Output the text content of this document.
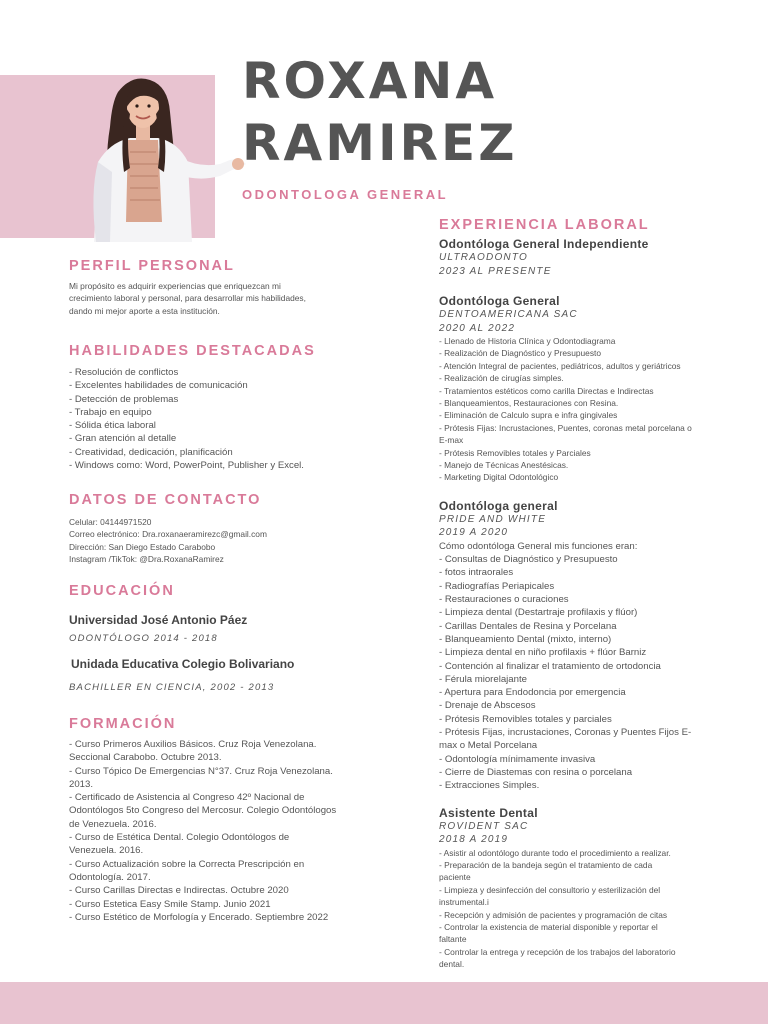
ROXANA
RAMIREZ
ODONTOLOGA GENERAL
PERFIL PERSONAL
Mi propósito es adquirir experiencias que enriquezcan mi
crecimiento laboral y personal, para desarrollar mis habilidades,
dando mi mejor aporte a esta institución.
HABILIDADES DESTACADAS
- Resolución de conflictos
- Excelentes habilidades de comunicación
- Detección de problemas
- Trabajo en equipo
- Sólida ética laboral
- Gran atención al detalle
- Creatividad, dedicación, planificación
- Windows como: Word, PowerPoint, Publisher y Excel.
DATOS DE CONTACTO
Celular: 04144971520
Correo electrónico: Dra.roxanaeramirezc@gmail.com
Dirección: San Diego Estado Carabobo
Instagram /TikTok: @Dra.RoxanaRamirez
EDUCACIÓN
Universidad José Antonio Páez
ODONTÓLOGO 2014 - 2018
Unidada Educativa Colegio Bolivariano
BACHILLER EN CIENCIA, 2002 - 2013
FORMACIÓN
- Curso Primeros Auxilios Básicos. Cruz Roja Venezolana.
Seccional Carabobo. Octubre 2013.
- Curso Tópico De Emergencias N°37. Cruz Roja Venezolana.
2013.
- Certificado de Asistencia al Congreso 42º Nacional de
Odontólogos 5to Congreso del Mercosur. Colegio Odontólogos
de Venezuela. 2016.
- Curso de Estética Dental. Colegio Odontólogos de
Venezuela. 2016.
- Curso Actualización sobre la Correcta Prescripción en
Odontología. 2017.
- Curso Carillas Directas e Indirectas. Octubre 2020
- Curso Estetica Easy Smile Stamp. Junio 2021
- Curso Estético de Morfología y Encerado. Septiembre 2022
EXPERIENCIA LABORAL
Odontóloga General Independiente
ULTRAODONTO
2023 AL PRESENTE
Odontóloga General
DENTOAMERICANA SAC
2020 AL 2022
- Llenado de Historia Clínica y Odontodiagrama
- Realización de Diagnóstico y Presupuesto
- Atención Integral de pacientes, pediátricos, adultos y geriátricos
- Realización de cirugías simples.
- Tratamientos estéticos como carilla Directas e Indirectas
- Blanqueamientos, Restauraciones con Resina.
- Eliminación de Calculo supra e infra gingivales
- Prótesis Fijas: Incrustaciones, Puentes, coronas metal porcelana o
E-max
- Prótesis Removibles totales y Parciales
- Manejo de Técnicas Anestésicas.
- Marketing Digital Odontológico
Odontóloga general
PRIDE AND WHITE
2019 A 2020
Cómo odontóloga General mis funciones eran:
- Consultas de Diagnóstico y Presupuesto
- fotos intraorales
- Radiografías Periapicales
- Restauraciones o curaciones
- Limpieza dental (Destartraje profilaxis y flúor)
- Carillas Dentales de Resina y Porcelana
- Blanqueamiento Dental (mixto, interno)
- Limpieza dental en niño profilaxis + flúor Barniz
- Contención al finalizar el tratamiento de ortodoncia
- Férula miorelajante
- Apertura para Endodoncia por emergencia
- Drenaje de Abscesos
- Prótesis Removibles totales y parciales
- Prótesis Fijas, incrustaciones, Coronas y Puentes Fijos E-
max o Metal Porcelana
- Odontología mínimamente invasiva
- Cierre de Diastemas con resina o porcelana
- Extracciones Simples.
Asistente Dental
ROVIDENT SAC
2018 A 2019
- Asistir al odontólogo durante todo el procedimiento a realizar.
- Preparación de la bandeja según el tratamiento de cada
paciente
- Limpieza y desinfección del consultorio y esterilización del
instrumental.i
- Recepción y admisión de pacientes y programación de citas
- Controlar la existencia de material disponible y reportar el
faltante
- Controlar la entrega y recepción de los trabajos del laboratorio
dental.
